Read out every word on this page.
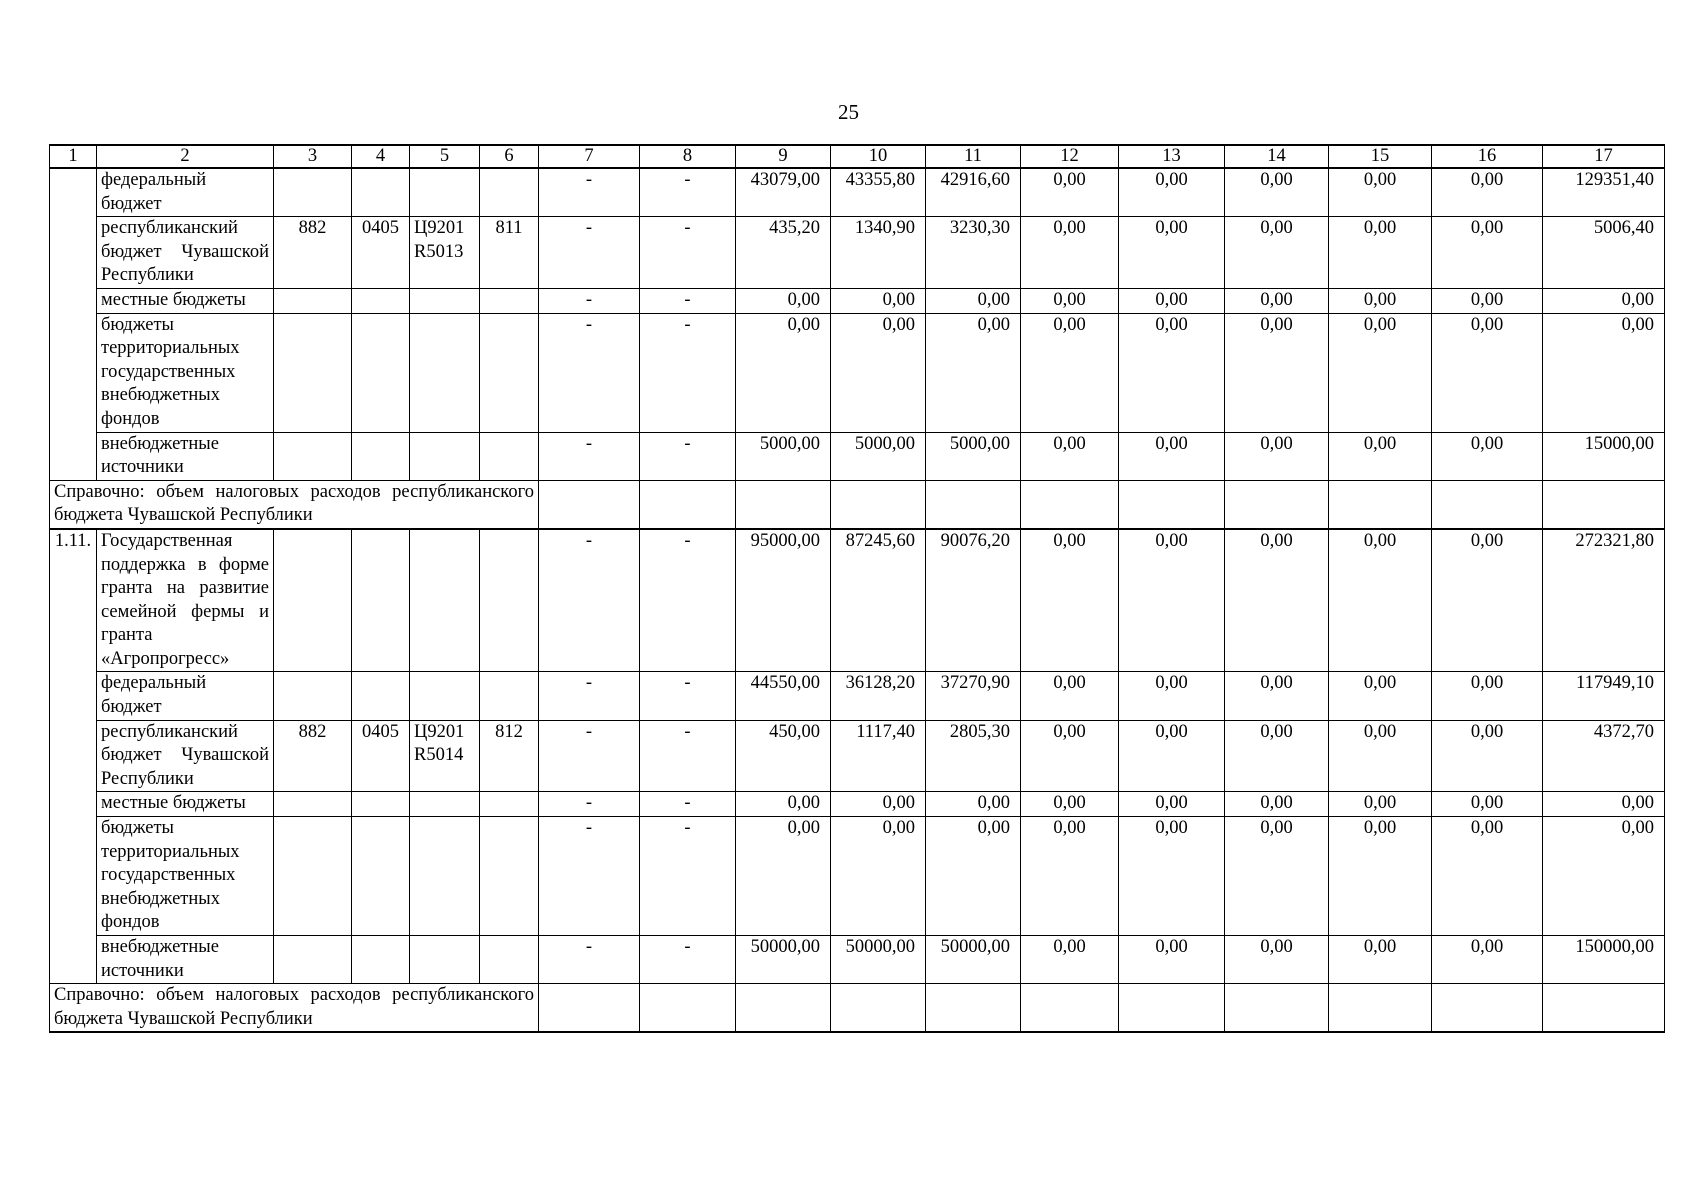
25
1	2	3	4	5	6	7	8	9	10	11	12	13	14	15	16	17
	федеральный бюджет					-	-	43079,00	43355,80	42916,60	0,00	0,00	0,00	0,00	0,00	129351,40
	республиканский бюджет Чувашской Республики	882	0405	Ц9201 R5013	811	-	-	435,20	1340,90	3230,30	0,00	0,00	0,00	0,00	0,00	5006,40
	местные бюджеты					-	-	0,00	0,00	0,00	0,00	0,00	0,00	0,00	0,00	0,00
	бюджеты территориальных государственных внебюджетных фондов					-	-	0,00	0,00	0,00	0,00	0,00	0,00	0,00	0,00	0,00
	внебюджетные источники					-	-	5000,00	5000,00	5000,00	0,00	0,00	0,00	0,00	0,00	15000,00
Справочно: объем налоговых расходов республиканского бюджета Чувашской Республики																
1.11.	Государственная поддержка в форме гранта на развитие семейной фермы и гранта «Агропрогресс»					-	-	95000,00	87245,60	90076,20	0,00	0,00	0,00	0,00	0,00	272321,80
	федеральный бюджет					-	-	44550,00	36128,20	37270,90	0,00	0,00	0,00	0,00	0,00	117949,10
	республиканский бюджет Чувашской Республики	882	0405	Ц9201 R5014	812	-	-	450,00	1117,40	2805,30	0,00	0,00	0,00	0,00	0,00	4372,70
	местные бюджеты					-	-	0,00	0,00	0,00	0,00	0,00	0,00	0,00	0,00	0,00
	бюджеты территориальных государственных внебюджетных фондов					-	-	0,00	0,00	0,00	0,00	0,00	0,00	0,00	0,00	0,00
	внебюджетные источники					-	-	50000,00	50000,00	50000,00	0,00	0,00	0,00	0,00	0,00	150000,00
Справочно: объем налоговых расходов республиканского бюджета Чувашской Республики																
